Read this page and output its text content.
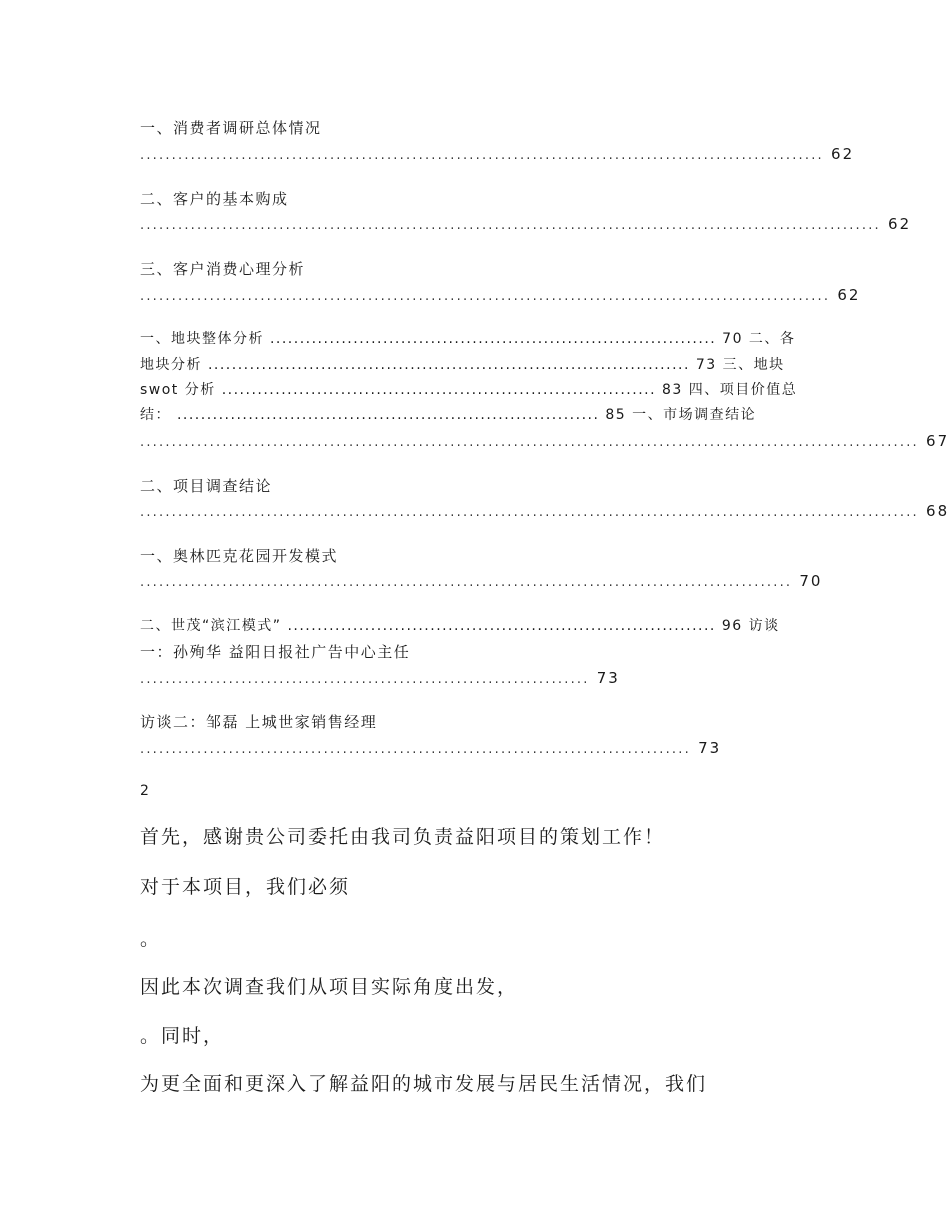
一、消费者调研总体情况
............................................................................................................ 62
二、客户的基本购成
..................................................................................................................... 62
三、客户消费心理分析
............................................................................................................. 62
一、地块整体分析 ........................................................................... 70 二、各
地块分析 ................................................................................. 73 三、地块
swot 分析 ......................................................................... 83 四、项目价值总
结： ....................................................................... 85 一、市场调查结论
........................................................................................................................... 67
二、项目调查结论
........................................................................................................................... 68
一、奥林匹克花园开发模式
....................................................................................................... 70
二、世茂“滨江模式” ........................................................................ 96 访谈
一：孙殉华 益阳日报社广告中心主任
....................................................................... 73
访谈二：邹磊 上城世家销售经理
....................................................................................... 73
2
首先，感谢贵公司委托由我司负责益阳项目的策划工作！
对于本项目，我们必须
。
因此本次调查我们从项目实际角度出发，
。同时，
为更全面和更深入了解益阳的城市发展与居民生活情况，我们
